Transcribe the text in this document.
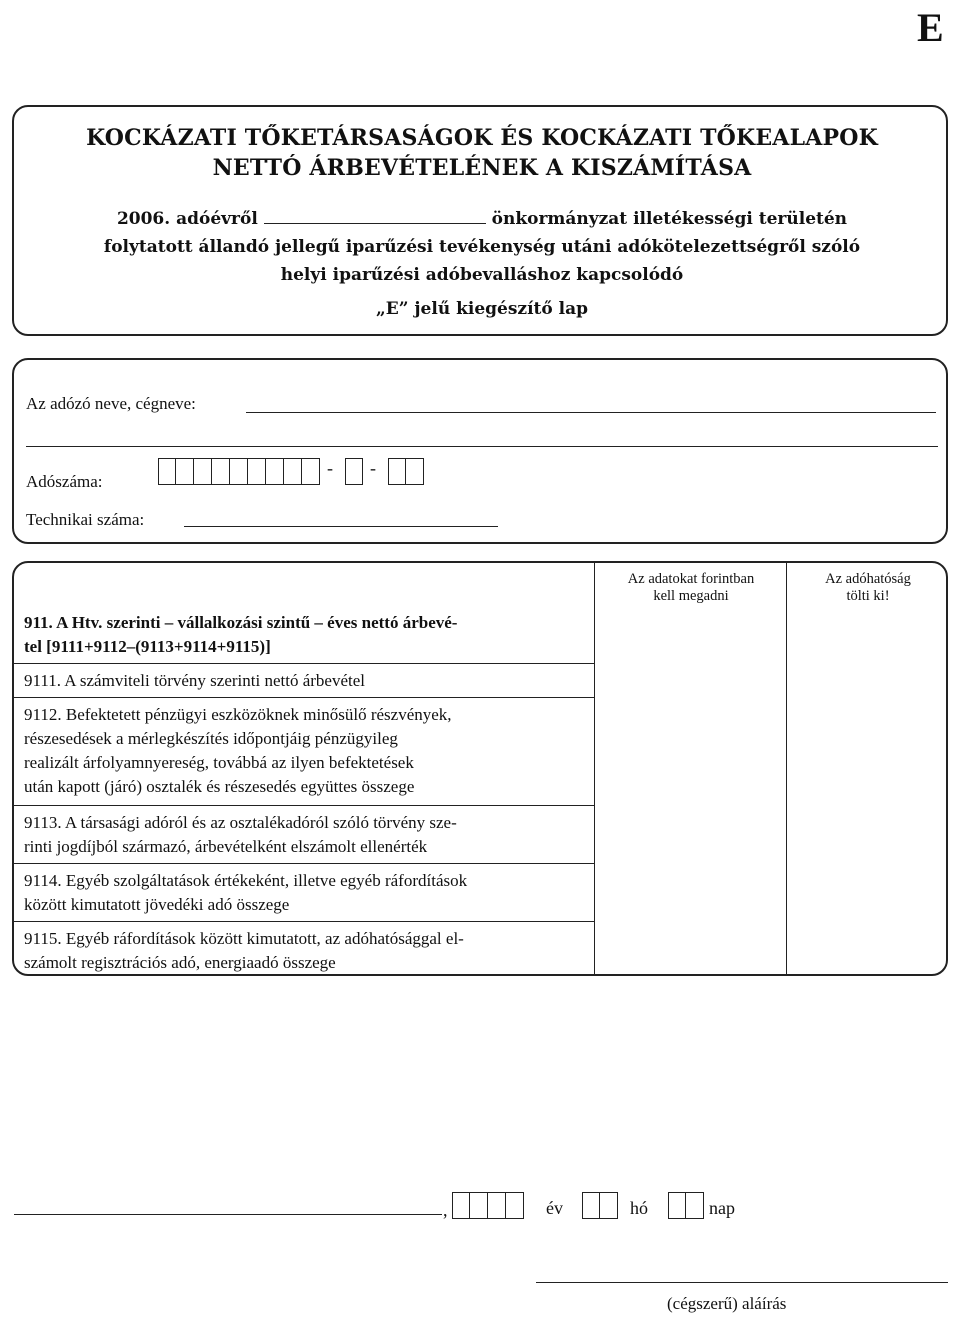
E
KOCKÁZATI TŐKETÁRSASÁGOK ÉS KOCKÁZATI TŐKEALAPOK
NETTÓ ÁRBEVÉTELÉNEK A KISZÁMÍTÁSA
2006. adóévről	önkormányzat illetékességi területén
folytatott állandó jellegű iparűzési tevékenység utáni adókötelezettségről szóló
helyi iparűzési adóbevalláshoz kapcsolódó
„E” jelű kiegészítő lap
Az adózó neve, cégneve:
Adószáma:
- -
Technikai száma:
Az adatokat forintban
kell megadni
Az adóhatóság
tölti ki!
911. A Htv. szerinti – vállalkozási szintű – éves nettó árbevé-
tel [9111+9112–(9113+9114+9115)]
9111. A számviteli törvény szerinti nettó árbevétel
9112. Befektetett pénzügyi eszközöknek minősülő részvények,
részesedések a mérlegkészítés időpontjáig pénzügyileg
realizált árfolyamnyereség, továbbá az ilyen befektetések
után kapott (járó) osztalék és részesedés együttes összege
9113. A társasági adóról és az osztalékadóról szóló törvény sze-
rinti jogdíjból származó, árbevételként elszámolt ellenérték
9114. Egyéb szolgáltatások értékeként, illetve egyéb ráfordítások
között kimutatott jövedéki adó összege
9115. Egyéb ráfordítások között kimutatott, az adóhatósággal el-
számolt regisztrációs adó, energiaadó összege
,	év	hó	nap
(cégszerű) aláírás
